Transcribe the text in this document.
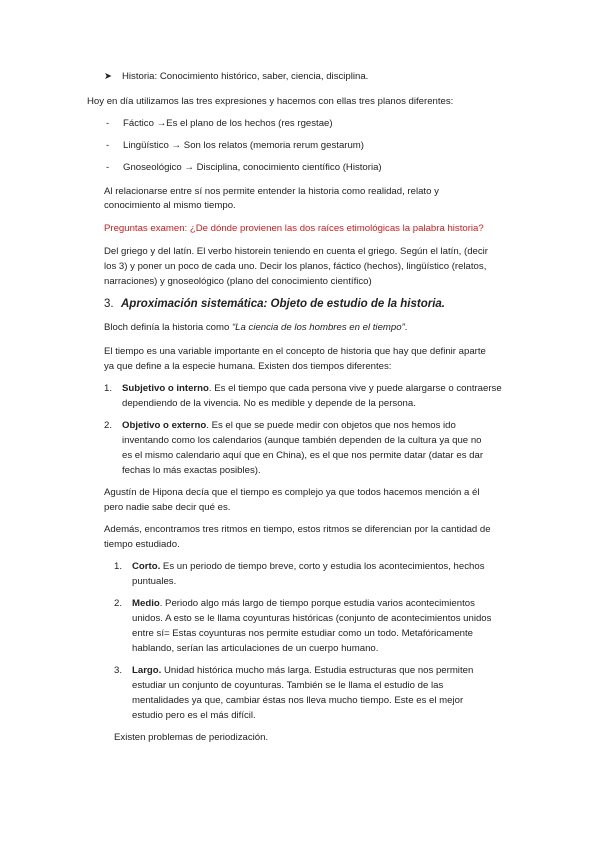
➤ Historia: Conocimiento histórico, saber, ciencia, disciplina.
Hoy en día utilizamos las tres expresiones y hacemos con ellas tres planos diferentes:
- Fáctico →Es el plano de los hechos (res rgestae)
- Lingüístico → Son los relatos (memoria rerum gestarum)
- Gnoseológico → Disciplina, conocimiento científico (Historia)
Al relacionarse entre sí nos permite entender la historia como realidad, relato y
conocimiento al mismo tiempo.
Preguntas examen: ¿De dónde provienen las dos raíces etimológicas la palabra historia?
Del griego y del latín. El verbo historein teniendo en cuenta el griego. Según el latín, (decir
los 3) y poner un poco de cada uno. Decir los planos, fáctico (hechos), lingüístico (relatos,
narraciones) y gnoseológico (plano del conocimiento científico)
3. Aproximación sistemática: Objeto de estudio de la historia.
Bloch definía la historia como “La ciencia de los hombres en el tiempo”.
El tiempo es una variable importante en el concepto de historia que hay que definir aparte
ya que define a la especie humana. Existen dos tiempos diferentes:
1. Subjetivo o interno. Es el tiempo que cada persona vive y puede alargarse o contraerse
dependiendo de la vivencia. No es medible y depende de la persona.
2. Objetivo o externo. Es el que se puede medir con objetos que nos hemos ido
inventando como los calendarios (aunque también dependen de la cultura ya que no
es el mismo calendario aquí que en China), es el que nos permite datar (datar es dar
fechas lo más exactas posibles).
Agustín de Hipona decía que el tiempo es complejo ya que todos hacemos mención a él
pero nadie sabe decir qué es.
Además, encontramos tres ritmos en tiempo, estos ritmos se diferencian por la cantidad de
tiempo estudiado.
1. Corto. Es un periodo de tiempo breve, corto y estudia los acontecimientos, hechos
puntuales.
2. Medio. Periodo algo más largo de tiempo porque estudia varios acontecimientos
unidos. A esto se le llama coyunturas históricas (conjunto de acontecimientos unidos
entre sí= Estas coyunturas nos permite estudiar como un todo. Metafóricamente
hablando, serían las articulaciones de un cuerpo humano.
3. Largo. Unidad histórica mucho más larga. Estudia estructuras que nos permiten
estudiar un conjunto de coyunturas. También se le llama el estudio de las
mentalidades ya que, cambiar éstas nos lleva mucho tiempo. Este es el mejor
estudio pero es el más difícil.
Existen problemas de periodización.
